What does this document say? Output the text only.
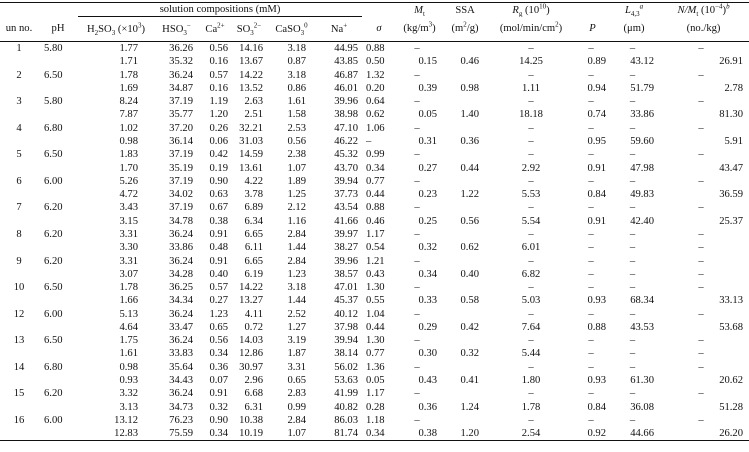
		solution compositions (mM)							$M_t$	SSA	$R_g$ $(10^{10})$		$L_{4,3}^a$	$N/M_t$ $(10^{-4})^b$
un no.	pH	$H_2SO_3$ $(\times 10^3)$	$HSO_3^-$	$Ca^{2+}$	$SO_3^{2-}$	CaSO$_3^0$	Na+	σ	$(kg/m^3)$	$(m^2/g)$	$(mol/\min/cm^2)$	P	(μm)	(no./kg)
1	5.80	1.77	36.26	0.56	14.16	3.18	44.95	0.88	–		–	–	–	–
		1.71	35.32	0.16	13.67	0.87	43.85	0.50	0.15	0.46	14.25	0.89	43.12	26.91
2	6.50	1.78	36.24	0.57	14.22	3.18	46.87	1.32	–		–	–	–	–
		1.69	34.87	0.16	13.52	0.86	46.01	0.20	0.39	0.98	1.11	0.94	51.79	2.78
3	5.80	8.24	37.19	1.19	2.63	1.61	39.96	0.64	–		–	–	–	–
		7.87	35.77	1.20	2.51	1.58	38.98	0.62	0.05	1.40	18.18	0.74	33.86	81.30
4	6.80	1.02	37.20	0.26	32.21	2.53	47.10	1.06	–		–	–	–	–
		0.98	36.14	0.06	31.03	0.56	46.22	–	0.31	0.36	–	0.95	59.60	5.91
5	6.50	1.83	37.19	0.42	14.59	2.38	45.32	0.99	–		–	–	–	–
		1.70	35.19	0.19	13.61	1.07	43.70	0.34	0.27	0.44	2.92	0.91	47.98	43.47
6	6.00	5.26	37.19	0.90	4.22	1.89	39.94	0.77	–		–	–	–	–
		4.72	34.02	0.63	3.78	1.25	37.73	0.44	0.23	1.22	5.53	0.84	49.83	36.59
7	6.20	3.43	37.19	0.67	6.89	2.12	43.54	0.88	–		–	–	–	–
		3.15	34.78	0.38	6.34	1.16	41.66	0.46	0.25	0.56	5.54	0.91	42.40	25.37
8	6.20	3.31	36.24	0.91	6.65	2.84	39.97	1.17	–		–	–	–	–
		3.30	33.86	0.48	6.11	1.44	38.27	0.54	0.32	0.62	6.01	–	–	–
9	6.20	3.31	36.24	0.91	6.65	2.84	39.96	1.21	–		–	–	–	–
		3.07	34.28	0.40	6.19	1.23	38.57	0.43	0.34	0.40	6.82	–	–	–
10	6.50	1.78	36.25	0.57	14.22	3.18	47.01	1.30	–		–	–	–	–
		1.66	34.34	0.27	13.27	1.44	45.37	0.55	0.33	0.58	5.03	0.93	68.34	33.13
12	6.00	5.13	36.24	1.23	4.11	2.52	40.12	1.04	–		–	–	–	–
		4.64	33.47	0.65	0.72	1.27	37.98	0.44	0.29	0.42	7.64	0.88	43.53	53.68
13	6.50	1.75	36.24	0.56	14.03	3.19	39.94	1.30	–		–	–	–	–
		1.61	33.83	0.34	12.86	1.87	38.14	0.77	0.30	0.32	5.44	–	–	–
14	6.80	0.98	35.64	0.36	30.97	3.31	56.02	1.36	–		–	–	–	–
		0.93	34.43	0.07	2.96	0.65	53.63	0.05	0.43	0.41	1.80	0.93	61.30	20.62
15	6.20	3.32	36.24	0.91	6.68	2.83	41.99	1.17	–		–	–	–	–
		3.13	34.73	0.32	6.31	0.99	40.82	0.28	0.36	1.24	1.78	0.84	36.08	51.28
16	6.00	13.12	76.23	0.90	10.38	2.84	86.03	1.18	–		–	–	–	–
		12.83	75.59	0.34	10.19	1.07	81.74	0.34	0.38	1.20	2.54	0.92	44.66	26.20
